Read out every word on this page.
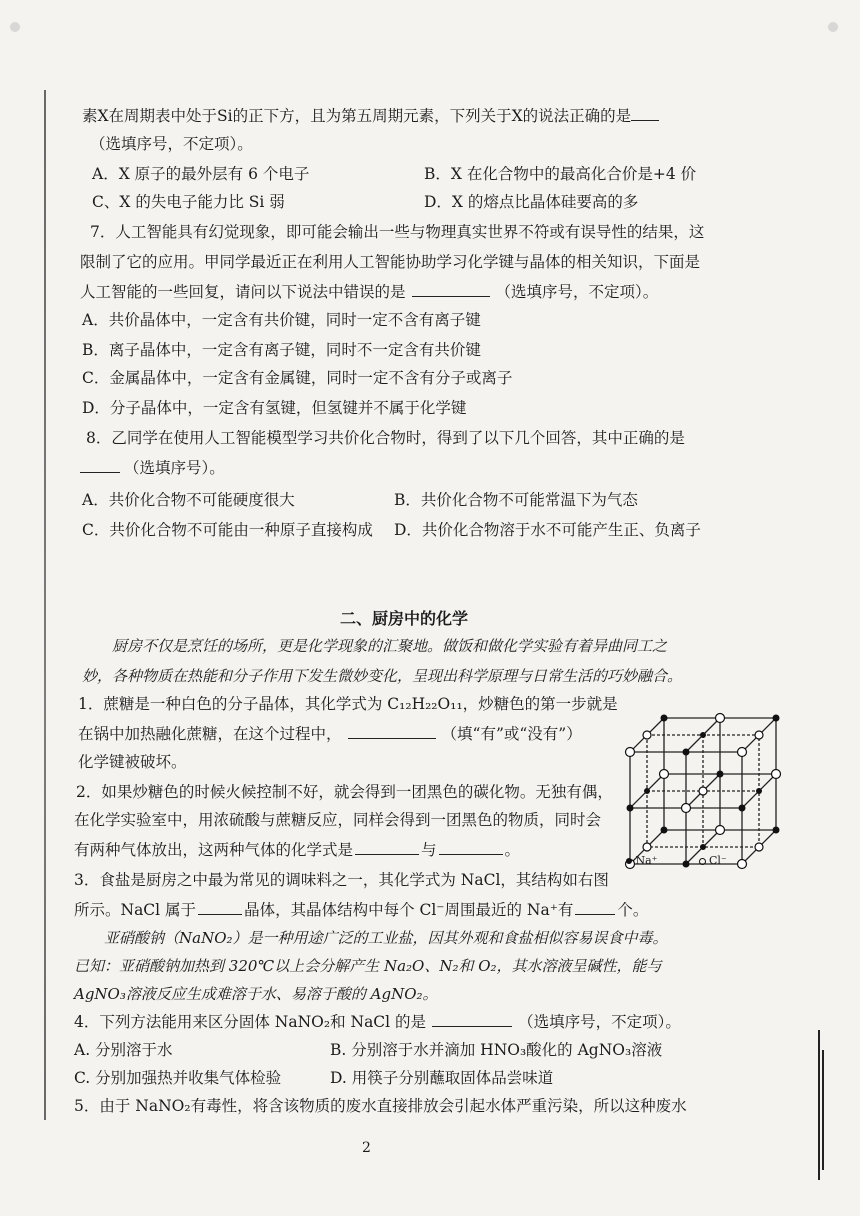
素X在周期表中处于Si的正下方，且为第五周期元素，下列关于X的说法正确的是
（选填序号，不定项）。
A．X 原子的最外层有 6 个电子	B．X 在化合物中的最高化合价是+4 价
C、X 的失电子能力比 Si 弱	D．X 的熔点比晶体硅要高的多
7．人工智能具有幻觉现象，即可能会输出一些与物理真实世界不符或有误导性的结果，这
限制了它的应用。甲同学最近正在利用人工智能协助学习化学键与晶体的相关知识，下面是
人工智能的一些回复，请问以下说法中错误的是	（选填序号，不定项）。
A．共价晶体中，一定含有共价键，同时一定不含有离子键
B．离子晶体中，一定含有离子键，同时不一定含有共价键
C．金属晶体中，一定含有金属键，同时一定不含有分子或离子
D．分子晶体中，一定含有氢键，但氢键并不属于化学键
8．乙同学在使用人工智能模型学习共价化合物时，得到了以下几个回答，其中正确的是
（选填序号）。
A．共价化合物不可能硬度很大	B．共价化合物不可能常温下为气态
C．共价化合物不可能由一种原子直接构成 D．共价化合物溶于水不可能产生正、负离子
二、厨房中的化学
厨房不仅是烹饪的场所，更是化学现象的汇聚地。做饭和做化学实验有着异曲同工之
妙，各种物质在热能和分子作用下发生微妙变化，呈现出科学原理与日常生活的巧妙融合。
1．蔗糖是一种白色的分子晶体，其化学式为 C₁₂H₂₂O₁₁，炒糖色的第一步就是
在锅中加热融化蔗糖，在这个过程中，	（填“有”或“没有”）
化学键被破坏。
2．如果炒糖色的时候火候控制不好，就会得到一团黑色的碳化物。无独有偶，
在化学实验室中，用浓硫酸与蔗糖反应，同样会得到一团黑色的物质，同时会
有两种气体放出，这两种气体的化学式是	与	。
3．食盐是厨房之中最为常见的调味料之一，其化学式为 NaCl，其结构如右图
所示。NaCl 属于	晶体，其晶体结构中每个 Cl⁻周围最近的 Na⁺有	个。
Na⁺	Cl⁻
亚硝酸钠（NaNO₂）是一种用途广泛的工业盐，因其外观和食盐相似容易误食中毒。
已知：亚硝酸钠加热到 320℃以上会分解产生 Na₂O、N₂和 O₂，其水溶液呈碱性，能与
AgNO₃溶液反应生成难溶于水、易溶于酸的 AgNO₂。
4．下列方法能用来区分固体 NaNO₂和 NaCl 的是	（选填序号，不定项）。
A. 分别溶于水	B. 分别溶于水并滴加 HNO₃酸化的 AgNO₃溶液
C. 分别加强热并收集气体检验	D. 用筷子分别蘸取固体品尝味道
5．由于 NaNO₂有毒性，将含该物质的废水直接排放会引起水体严重污染，所以这种废水
2
